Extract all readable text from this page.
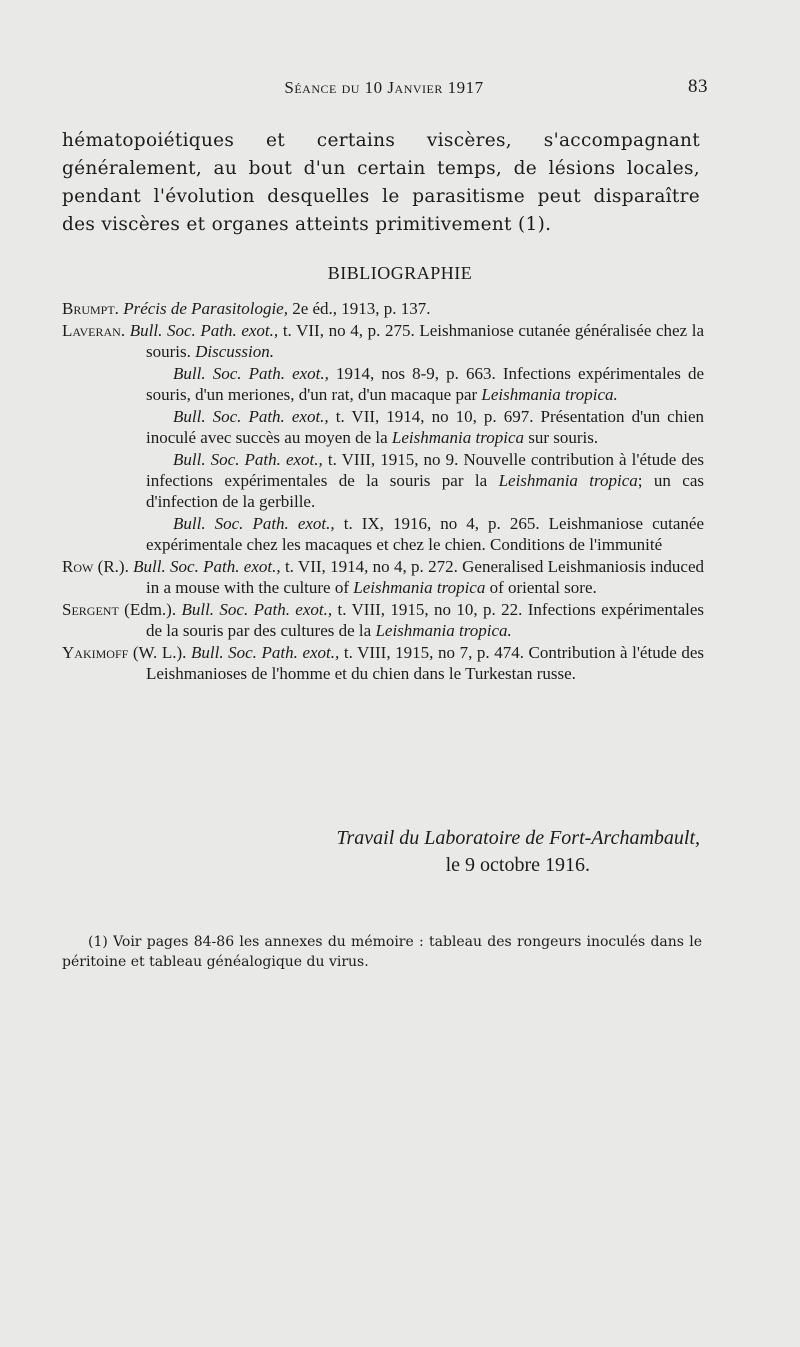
Séance du 10 Janvier 1917	83

hématopoiétiques et certains viscères, s'accompagnant généralement, au bout d'un certain temps, de lésions locales, pendant l'évolution desquelles le parasitisme peut disparaître des viscères et organes atteints primitivement (1).

BIBLIOGRAPHIE

Brumpt. Précis de Parasitologie, 2e éd., 1913, p. 137.

Laveran. Bull. Soc. Path. exot., t. VII, no 4, p. 275. Leishmaniose cutanée généralisée chez la souris. Discussion.

Bull. Soc. Path. exot., 1914, nos 8-9, p. 663. Infections expérimentales de souris, d'un meriones, d'un rat, d'un macaque par Leishmania tropica.

Bull. Soc. Path. exot., t. VII, 1914, no 10, p. 697. Présentation d'un chien inoculé avec succès au moyen de la Leishmania tropica sur souris.

Bull. Soc. Path. exot., t. VIII, 1915, no 9. Nouvelle contribution à l'étude des infections expérimentales de la souris par la Leishmania tropica; un cas d'infection de la gerbille.

Bull. Soc. Path. exot., t. IX, 1916, no 4, p. 265. Leishmaniose cutanée expérimentale chez les macaques et chez le chien. Conditions de l'immunité

Row (R.). Bull. Soc. Path. exot., t. VII, 1914, no 4, p. 272. Generalised Leishmaniosis induced in a mouse with the culture of Leishmania tropica of oriental sore.

Sergent (Edm.). Bull. Soc. Path. exot., t. VIII, 1915, no 10, p. 22. Infections expérimentales de la souris par des cultures de la Leishmania tropica.

Yakimoff (W. L.). Bull. Soc. Path. exot., t. VIII, 1915, no 7, p. 474. Contribution à l'étude des Leishmanioses de l'homme et du chien dans le Turkestan russe.

Travail du Laboratoire de Fort-Archambault,
le 9 octobre 1916.

(1) Voir pages 84-86 les annexes du mémoire : tableau des rongeurs inoculés dans le péritoine et tableau généalogique du virus.
